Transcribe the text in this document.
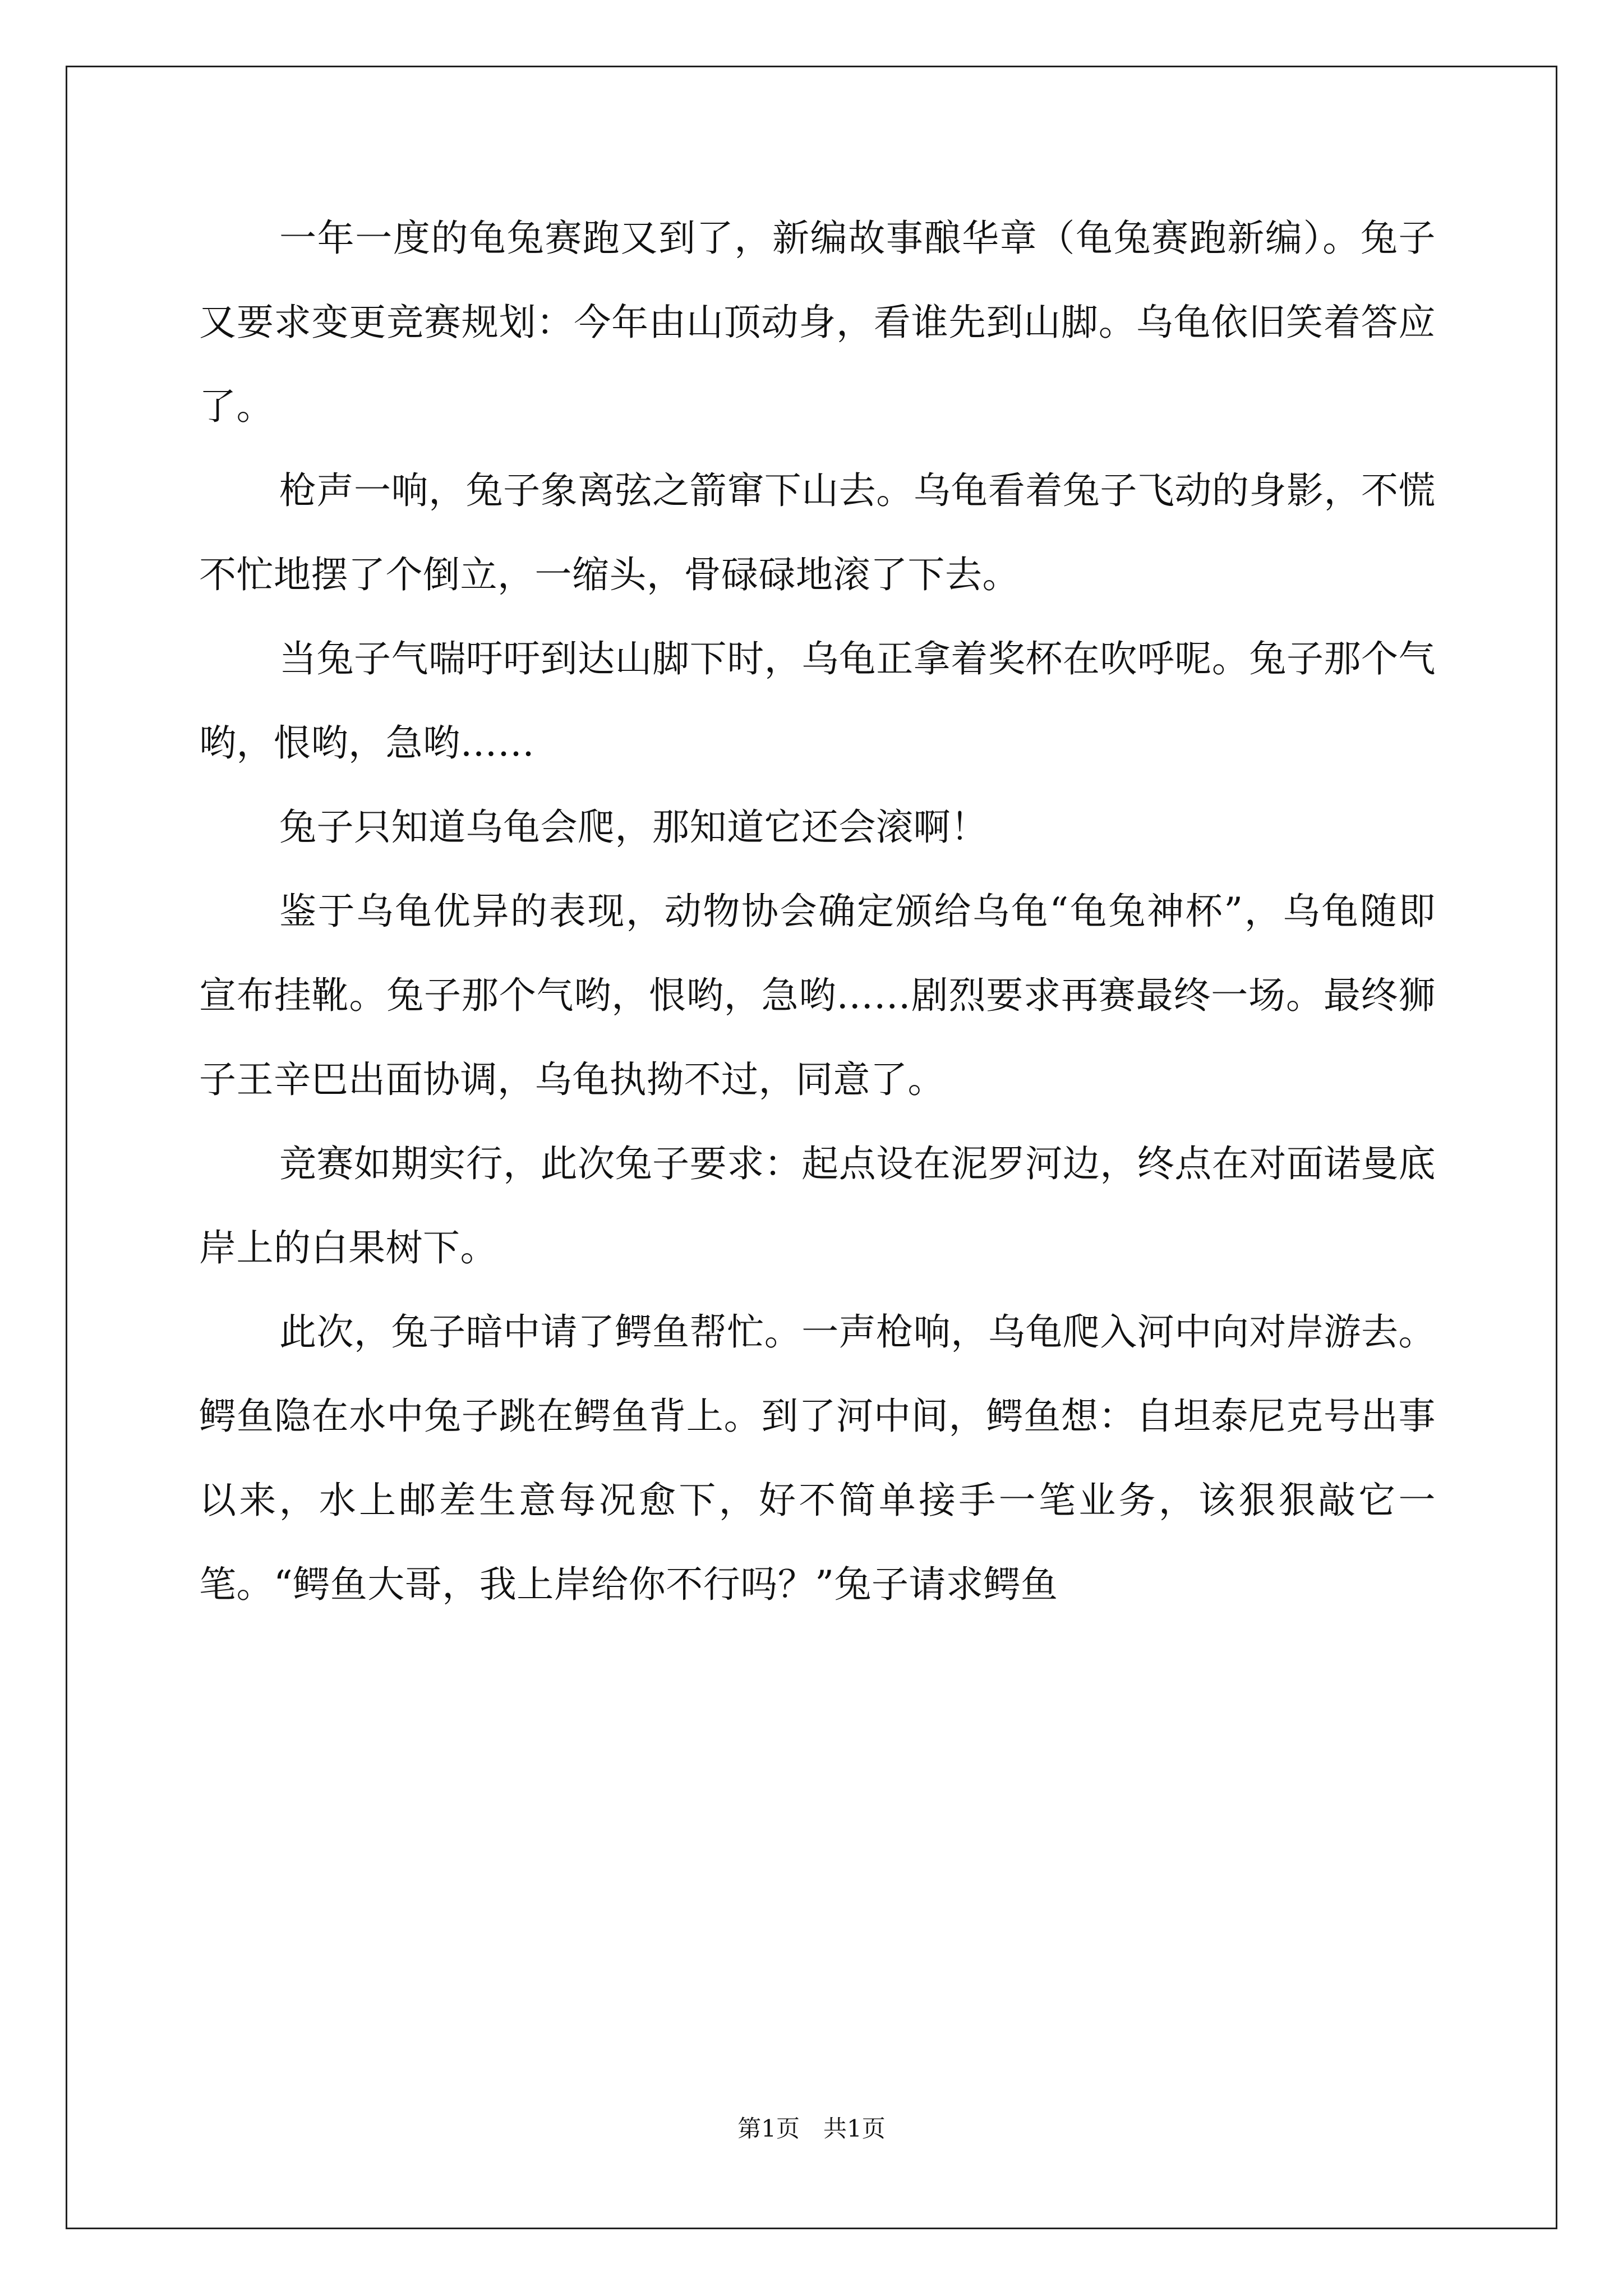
一年一度的龟兔赛跑又到了，新编故事酿华章（龟兔赛跑新编）。兔子又要求变更竞赛规划：今年由山顶动身，看谁先到山脚。乌龟依旧笑着答应了。

枪声一响，兔子象离弦之箭窜下山去。乌龟看着兔子飞动的身影，不慌不忙地摆了个倒立，一缩头，骨碌碌地滚了下去。

当兔子气喘吁吁到达山脚下时，乌龟正拿着奖杯在吹呼呢。兔子那个气哟，恨哟，急哟……

兔子只知道乌龟会爬，那知道它还会滚啊！

鉴于乌龟优异的表现，动物协会确定颁给乌龟“龟兔神杯”，乌龟随即宣布挂靴。兔子那个气哟，恨哟，急哟……剧烈要求再赛最终一场。最终狮子王辛巴出面协调，乌龟执拗不过，同意了。

竞赛如期实行，此次兔子要求：起点设在泥罗河边，终点在对面诺曼底岸上的白果树下。

此次，兔子暗中请了鳄鱼帮忙。一声枪响，乌龟爬入河中向对岸游去。鳄鱼隐在水中兔子跳在鳄鱼背上。到了河中间，鳄鱼想：自坦泰尼克号出事以来，水上邮差生意每况愈下，好不简单接手一笔业务，该狠狠敲它一笔。“鳄鱼大哥，我上岸给你不行吗？”兔子请求鳄鱼

第1页　共1页
